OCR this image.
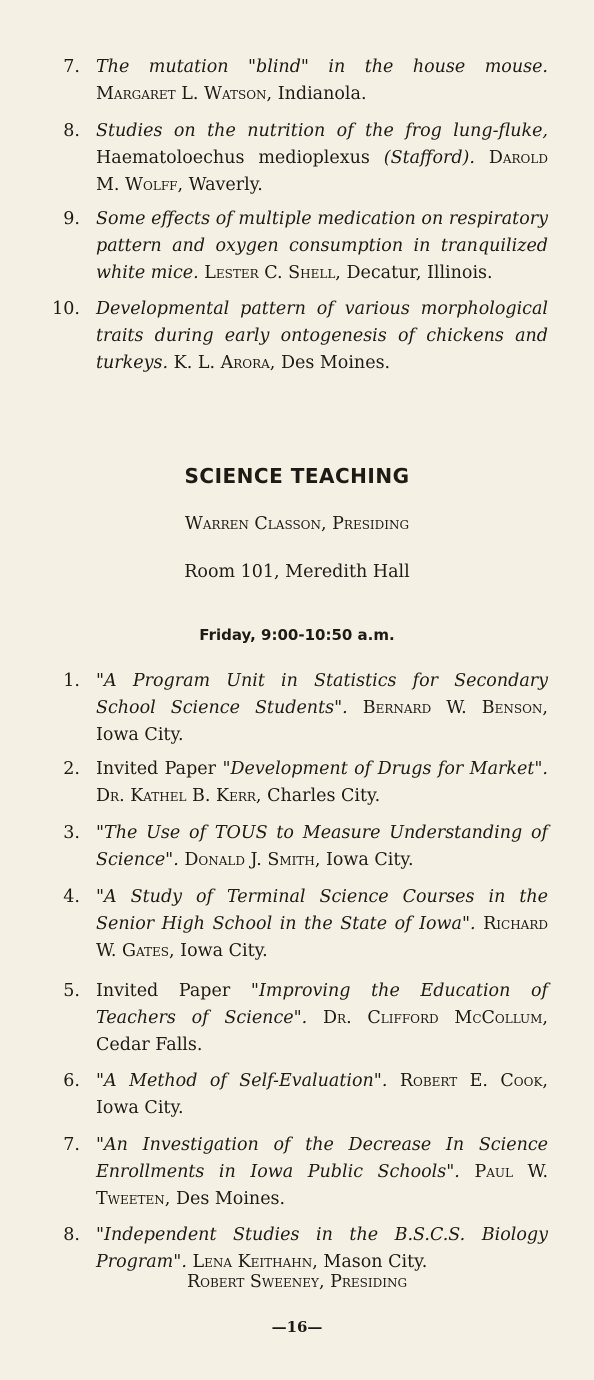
7. The mutation "blind" in the house mouse. Margaret L. Watson, Indianola.
8. Studies on the nutrition of the frog lung-fluke, Haematoloechus medioplexus (Stafford). Darold M. Wolff, Waverly.
9. Some effects of multiple medication on respiratory pattern and oxygen consumption in tranquilized white mice. Lester C. Shell, Decatur, Illinois.
10. Developmental pattern of various morphological traits during early ontogenesis of chickens and turkeys. K. L. Arora, Des Moines.
SCIENCE TEACHING
Warren Classon, Presiding
Room 101, Meredith Hall
Friday, 9:00-10:50 a.m.
1. "A Program Unit in Statistics for Secondary School Science Students". Bernard W. Benson, Iowa City.
2. Invited Paper "Development of Drugs for Market". Dr. Kathel B. Kerr, Charles City.
3. "The Use of TOUS to Measure Understanding of Science". Donald J. Smith, Iowa City.
4. "A Study of Terminal Science Courses in the Senior High School in the State of Iowa". Richard W. Gates, Iowa City.
5. Invited Paper "Improving the Education of Teachers of Science". Dr. Clifford McCollum, Cedar Falls.
6. "A Method of Self-Evaluation". Robert E. Cook, Iowa City.
7. "An Investigation of the Decrease In Science Enrollments in Iowa Public Schools". Paul W. Tweeten, Des Moines.
8. "Independent Studies in the B.S.C.S. Biology Program". Lena Keithahn, Mason City.
Robert Sweeney, Presiding
—16—
